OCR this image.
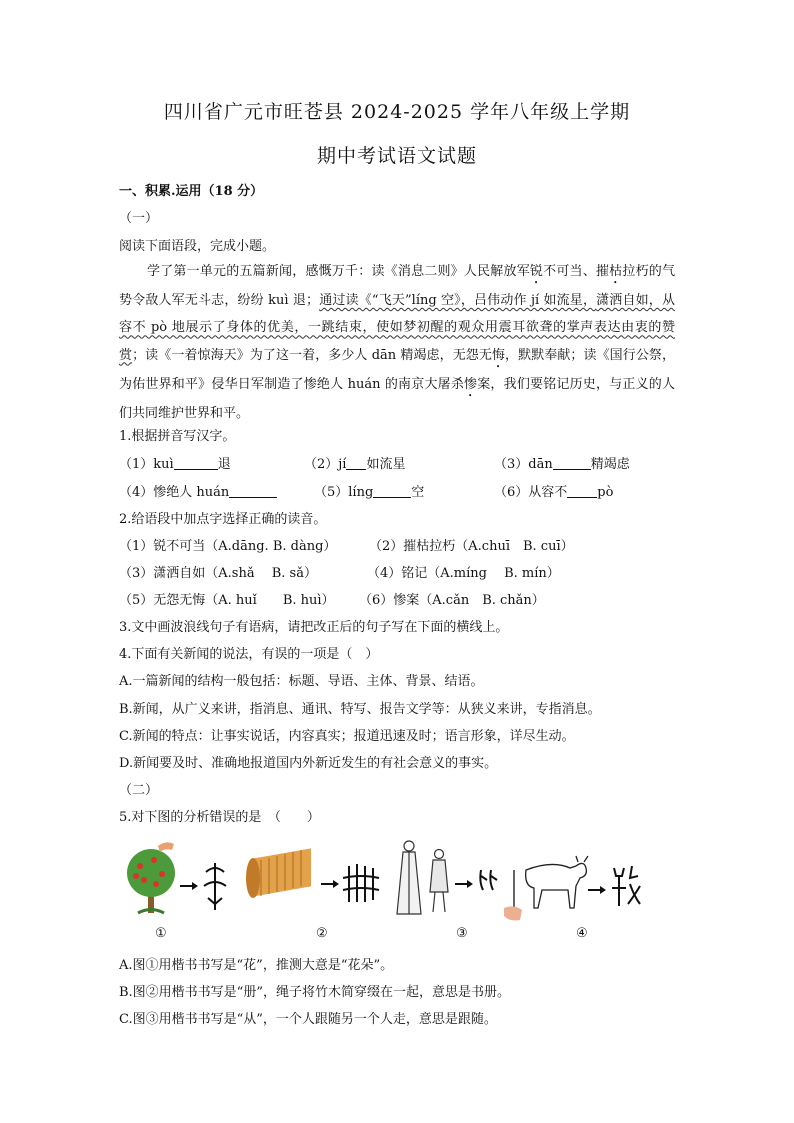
四川省广元市旺苍县 2024-2025 学年八年级上学期
期中考试语文试题
一、积累.运用（18 分）
（一）
阅读下面语段，完成小题。
学了第一单元的五篇新闻，感慨万千：读《消息二则》人民解放军锐不可当、摧枯拉朽的气势令敌人军无斗志，纷纷 kuì 退；通过读《“飞天”líng 空》，吕伟动作 jí 如流星，潇洒自如，从容不 pò 地展示了身体的优美，一跳结束，使如梦初醒的观众用震耳欲聋的掌声表达由衷的赞赏；读《一着惊海天》为了这一着，多少人 dān 精竭虑，无怨无悔，默默奉献；读《国行公祭，为佑世界和平》侵华日军制造了惨绝人 huán 的南京大屠杀惨案，我们要铭记历史，与正义的人们共同维护世界和平。
1.根据拼音写汉字。
（1）kuì	退	（2）jí 如流星	（3）dān	精竭虑
（4）惨绝人 huán	（5）líng	空	（6）从容不 pò
2.给语段中加点字选择正确的读音。
（1）锐不可当（A.dāng. B. dàng）	（2）摧枯拉朽（A.chuī　B. cuī）
（3）潇洒自如（A.shǎ　 B. sǎ）	（4）铭记（A.míng　 B. mín）
（5）无怨无悔（A. huǐ　　B. huì） （6）惨案（A.cǎn　B. chǎn）
3.文中画波浪线句子有语病，请把改正后的句子写在下面的横线上。
4.下面有关新闻的说法，有误的一项是（　）
A.一篇新闻的结构一般包括：标题、导语、主体、背景、结语。
B.新闻，从广义来讲，指消息、通讯、特写、报告文学等：从狭义来讲，专指消息。
C.新闻的特点：让事实说话，内容真实；报道迅速及时；语言形象，详尽生动。
D.新闻要及时、准确地报道国内外新近发生的有社会意义的事实。
（二）
5.对下图的分析错误的是　（　　）
①	②	③	④
A.图①用楷书书写是“花”，推测大意是“花朵”。
B.图②用楷书书写是“册”，绳子将竹木简穿缀在一起，意思是书册。
C.图③用楷书书写是“从”，一个人跟随另一个人走，意思是跟随。
